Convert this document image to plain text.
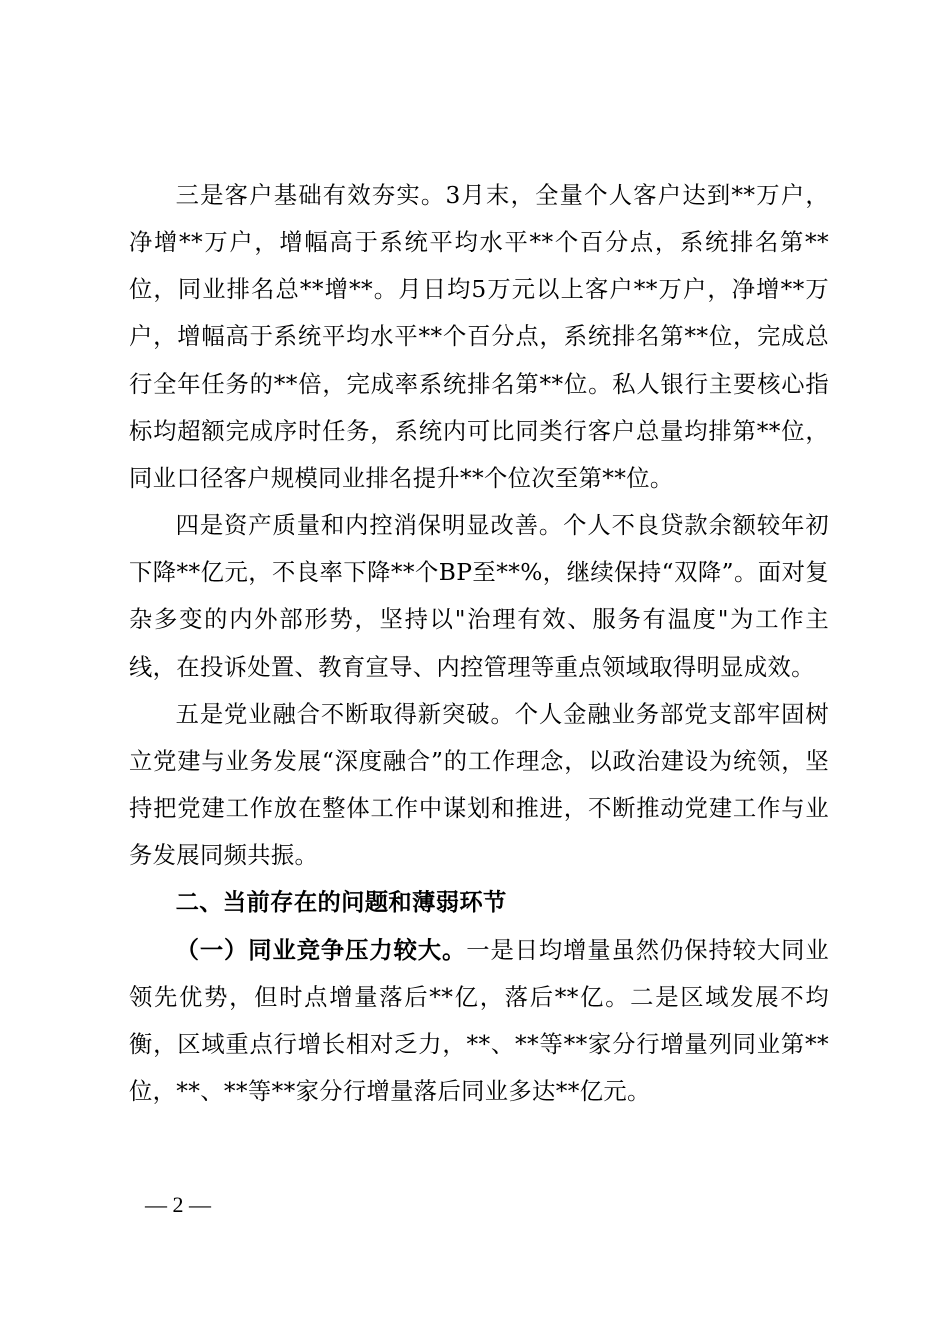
三是客户基础有效夯实。3月末，全量个人客户达到**万户，净增**万户，增幅高于系统平均水平**个百分点，系统排名第**位，同业排名总**增**。月日均5万元以上客户**万户，净增**万户，增幅高于系统平均水平**个百分点，系统排名第**位，完成总行全年任务的**倍，完成率系统排名第**位。私人银行主要核心指标均超额完成序时任务，系统内可比同类行客户总量均排第**位，同业口径客户规模同业排名提升**个位次至第**位。

四是资产质量和内控消保明显改善。个人不良贷款余额较年初下降**亿元，不良率下降**个BP至**%，继续保持“双降”。面对复杂多变的内外部形势，坚持以"治理有效、服务有温度"为工作主线，在投诉处置、教育宣导、内控管理等重点领域取得明显成效。

五是党业融合不断取得新突破。个人金融业务部党支部牢固树立党建与业务发展“深度融合”的工作理念，以政治建设为统领，坚持把党建工作放在整体工作中谋划和推进，不断推动党建工作与业务发展同频共振。

二、当前存在的问题和薄弱环节

（一）同业竞争压力较大。一是日均增量虽然仍保持较大同业领先优势，但时点增量落后**亿，落后**亿。二是区域发展不均衡，区域重点行增长相对乏力，**、**等**家分行增量列同业第**位，**、**等**家分行增量落后同业多达**亿元。

— 2 —
